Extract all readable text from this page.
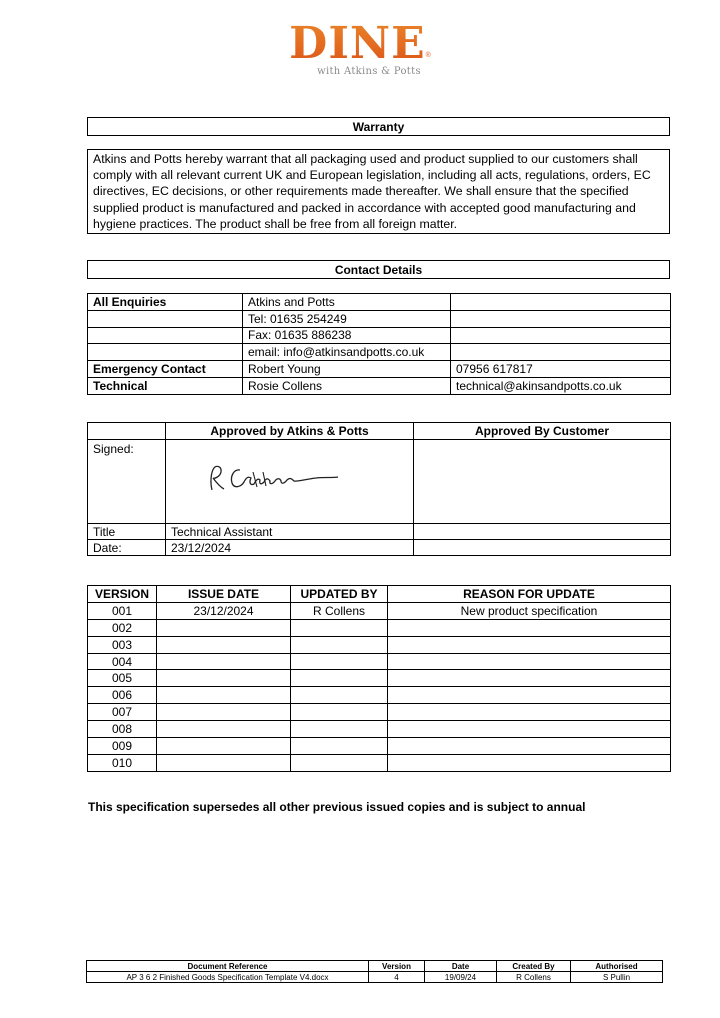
$DINE_®$
with Atkins & Potts
Warranty
Atkins and Potts hereby warrant that all packaging used and product supplied to our customers shall comply with all relevant current UK and European legislation, including all acts, regulations, orders, EC directives, EC decisions, or other requirements made thereafter. We shall ensure that the specified supplied product is manufactured and packed in accordance with accepted good manufacturing and hygiene practices. The product shall be free from all foreign matter.
Contact Details
All Enquiries	Atkins and Potts	
	Tel: 01635 254249	
	Fax: 01635 886238	
	email: info@atkinsandpotts.co.uk	
Emergency Contact	Robert Young	07956 617817
Technical	Rosie Collens	technical@akinsandpotts.co.uk
	Approved by Atkins & Potts	Approved By Customer
Signed:	

Title	Technical Assistant	
Date:	23/12/2024	
VERSION	ISSUE DATE	UPDATED BY	REASON FOR UPDATE
001	23/12/2024	R Collens	New product specification
002			
003			
004			
005			
006			
007			
008			
009			
010			
This specification supersedes all other previous issued copies and is subject to annual
Document Reference	Version	Date	Created By	Authorised
AP 3 6 2 Finished Goods Specification Template V4.docx	4	19/09/24	R Collens	S Pullin
